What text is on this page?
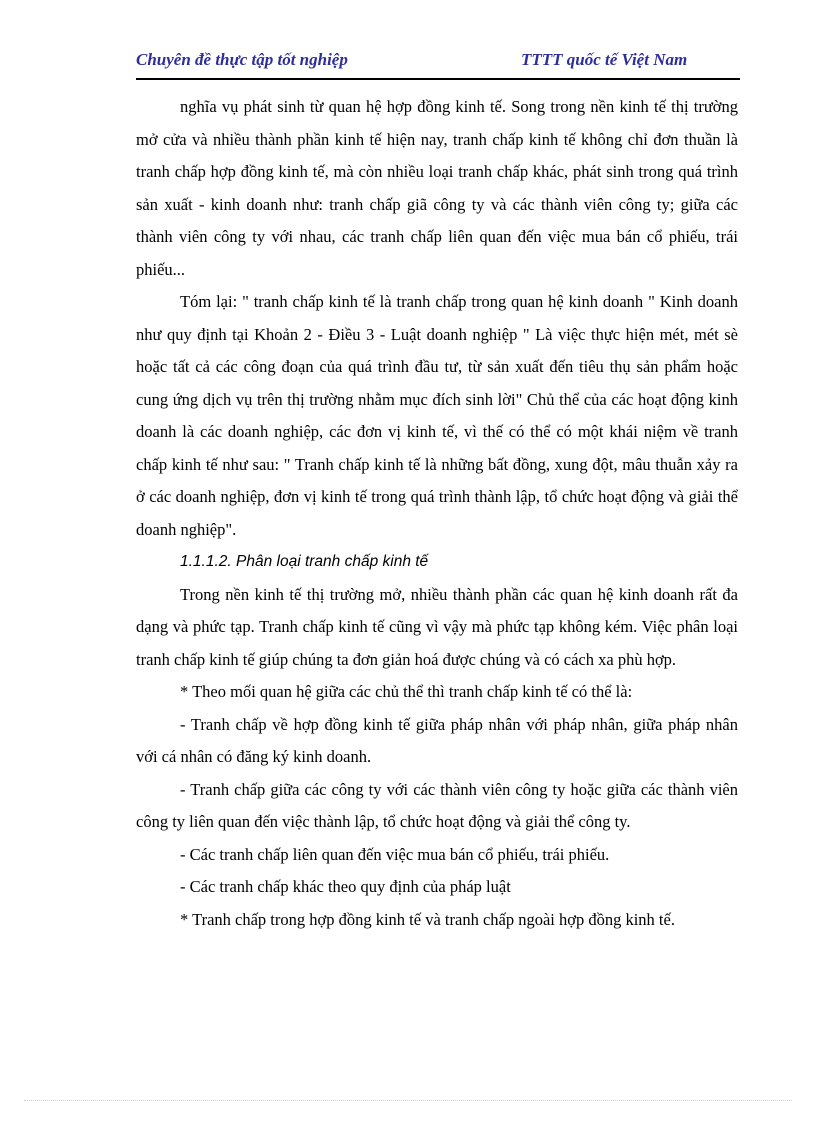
Chuyên đề thực tập tốt nghiệp	TTTT quốc tế Việt Nam

nghĩa vụ phát sinh từ quan hệ hợp đồng kinh tế. Song trong nền kinh tế thị trường mở cửa và nhiều thành phần kinh tế hiện nay, tranh chấp kinh tế không chỉ đơn thuần là tranh chấp hợp đồng kinh tế, mà còn nhiều loại tranh chấp khác, phát sinh trong quá trình sản xuất - kinh doanh như: tranh chấp giã công ty và các thành viên công ty; giữa các thành viên công ty với nhau, các tranh chấp liên quan đến việc mua bán cổ phiếu, trái phiếu...

Tóm lại: " tranh chấp kinh tế là tranh chấp trong quan hệ kinh doanh " Kinh doanh như quy định tại Khoản 2 - Điều 3 - Luật doanh nghiệp " Là việc thực hiện mét, mét sè hoặc tất cả các công đoạn của quá trình đầu tư, từ sản xuất đến tiêu thụ sản phẩm hoặc cung ứng dịch vụ trên thị trường nhằm mục đích sinh lời" Chủ thể của các hoạt động kinh doanh là các doanh nghiệp, các đơn vị kinh tế, vì thế có thể có một khái niệm về tranh chấp kinh tế như sau: " Tranh chấp kinh tế là những bất đồng, xung đột, mâu thuẫn xảy ra ở các doanh nghiệp, đơn vị kinh tế trong quá trình thành lập, tổ chức hoạt động và giải thể doanh nghiệp".

1.1.1.2. Phân loại tranh chấp kinh tế

Trong nền kinh tế thị trường mở, nhiều thành phần các quan hệ kinh doanh rất đa dạng và phức tạp. Tranh chấp kinh tế cũng vì vậy mà phức tạp không kém. Việc phân loại tranh chấp kinh tế giúp chúng ta đơn giản hoá được chúng và có cách xa phù hợp.

* Theo mối quan hệ giữa các chủ thể thì tranh chấp kinh tế có thể là:

- Tranh chấp về hợp đồng kinh tế giữa pháp nhân với pháp nhân, giữa pháp nhân với cá nhân có đăng ký kinh doanh.

- Tranh chấp giữa các công ty với các thành viên công ty hoặc giữa các thành viên công ty liên quan đến việc thành lập, tổ chức hoạt động và giải thể công ty.

- Các tranh chấp liên quan đến việc mua bán cổ phiếu, trái phiếu.

- Các tranh chấp khác theo quy định của pháp luật

* Tranh chấp trong hợp đồng kinh tế và tranh chấp ngoài hợp đồng kinh tế.
